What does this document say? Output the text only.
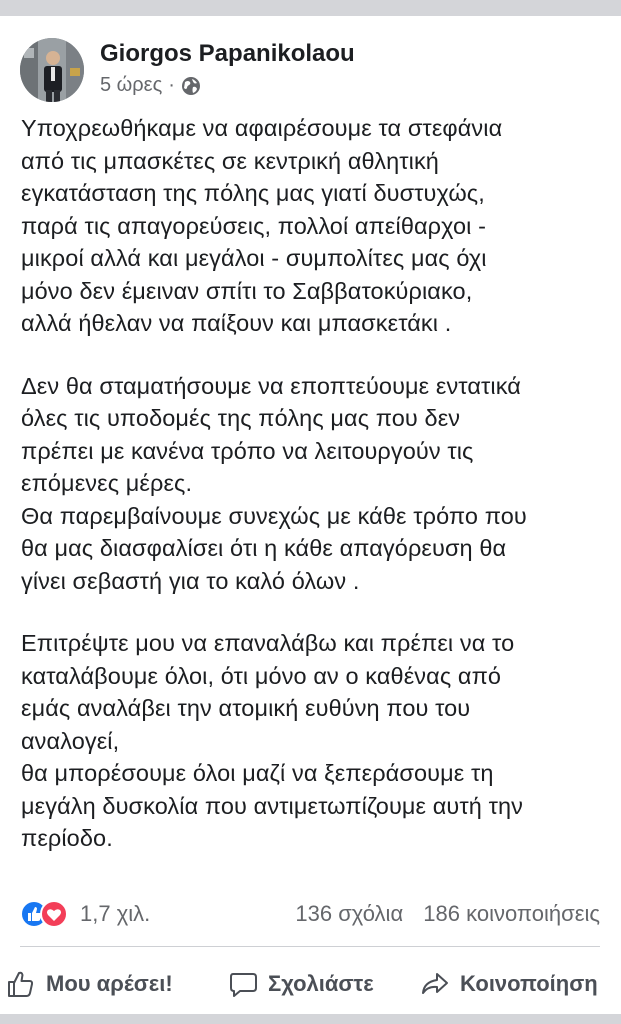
Giorgos Papanikolaou
5 ώρες ·
Υποχρεωθήκαμε να αφαιρέσουμε τα στεφάνια
από τις μπασκέτες σε κεντρική αθλητική
εγκατάσταση της πόλης μας γιατί δυστυχώς,
παρά τις απαγορεύσεις, πολλοί απείθαρχοι -
μικροί αλλά και μεγάλοι - συμπολίτες μας όχι
μόνο δεν έμειναν σπίτι το Σαββατοκύριακο,
αλλά ήθελαν να παίξουν και μπασκετάκι .
Δεν θα σταματήσουμε να εποπτεύουμε εντατικά
όλες τις υποδομές της πόλης μας που δεν
πρέπει με κανένα τρόπο να λειτουργούν τις
επόμενες μέρες.
Θα παρεμβαίνουμε συνεχώς με κάθε τρόπο που
θα μας διασφαλίσει ότι η κάθε απαγόρευση θα
γίνει σεβαστή για το καλό όλων .
Επιτρέψτε μου να επαναλάβω και πρέπει να το
καταλάβουμε όλοι, ότι μόνο αν ο καθένας από
εμάς αναλάβει την ατομική ευθύνη που του
αναλογεί,
θα μπορέσουμε όλοι μαζί να ξεπεράσουμε τη
μεγάλη δυσκολία που αντιμετωπίζουμε αυτή την
περίοδο.
1,7 χιλ.	136 σχόλια 186 κοινοποιήσεις
Μου αρέσει!	Σχολιάστε	Κοινοποίηση
